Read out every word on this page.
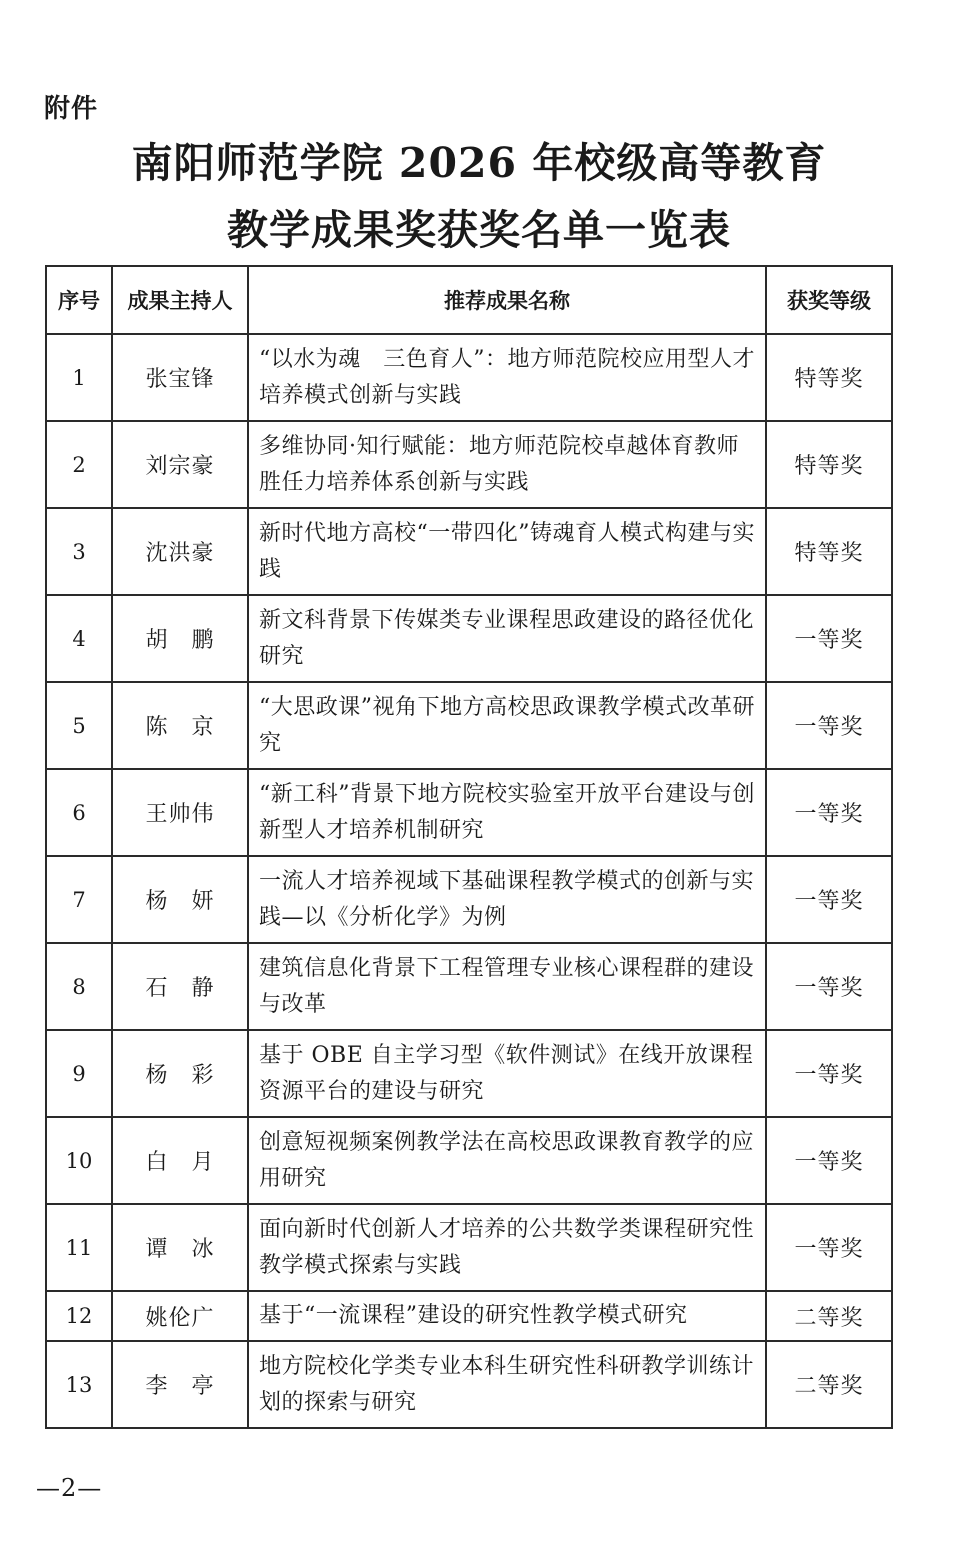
附件
南阳师范学院 2026 年校级高等教育
教学成果奖获奖名单一览表
序号	成果主持人	推荐成果名称	获奖等级
1	张宝锋	“以水为魂　三色育人”：地方师范院校应用型人才培养模式创新与实践	特等奖
2	刘宗豪	多维协同·知行赋能：地方师范院校卓越体育教师胜任力培养体系创新与实践	特等奖
3	沈洪豪	新时代地方高校“一带四化”铸魂育人模式构建与实践	特等奖
4	胡　鹏	新文科背景下传媒类专业课程思政建设的路径优化研究	一等奖
5	陈　京	“大思政课”视角下地方高校思政课教学模式改革研究	一等奖
6	王帅伟	“新工科”背景下地方院校实验室开放平台建设与创新型人才培养机制研究	一等奖
7	杨　妍	一流人才培养视域下基础课程教学模式的创新与实践—以《分析化学》为例	一等奖
8	石　静	建筑信息化背景下工程管理专业核心课程群的建设与改革	一等奖
9	杨　彩	基于 OBE 自主学习型《软件测试》在线开放课程资源平台的建设与研究	一等奖
10	白　月	创意短视频案例教学法在高校思政课教育教学的应用研究	一等奖
11	谭　冰	面向新时代创新人才培养的公共数学类课程研究性教学模式探索与实践	一等奖
12	姚伦广	基于“一流课程”建设的研究性教学模式研究	二等奖
13	李　亭	地方院校化学类专业本科生研究性科研教学训练计划的探索与研究	二等奖
—2—
